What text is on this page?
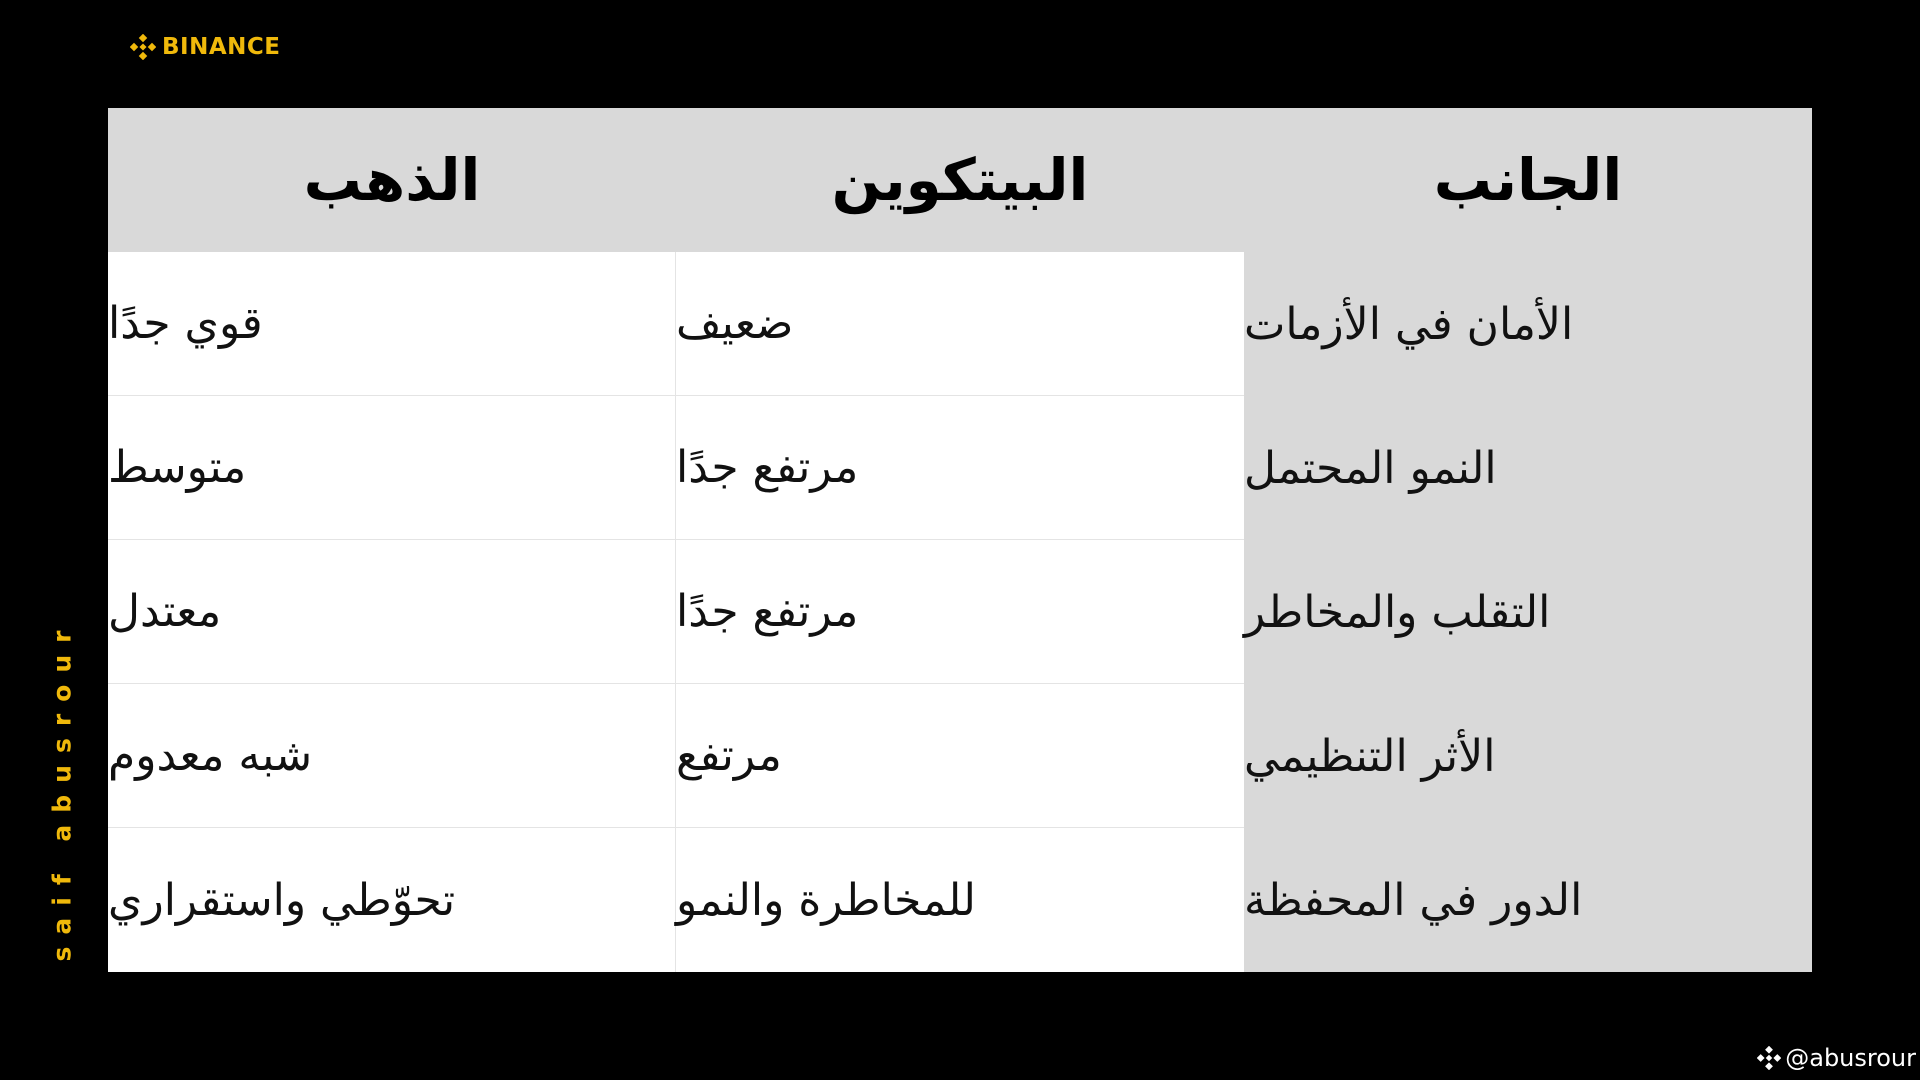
BINANCE
saif abusrour
الذهب	البيتكوين	الجانب
قوي جدًا	ضعيف	الأمان في الأزمات
متوسط	مرتفع جدًا	النمو المحتمل
معتدل	مرتفع جدًا	التقلب والمخاطر
شبه معدوم	مرتفع	الأثر التنظيمي
تحوّطي واستقراري	للمخاطرة والنمو	الدور في المحفظة
@abusrour
